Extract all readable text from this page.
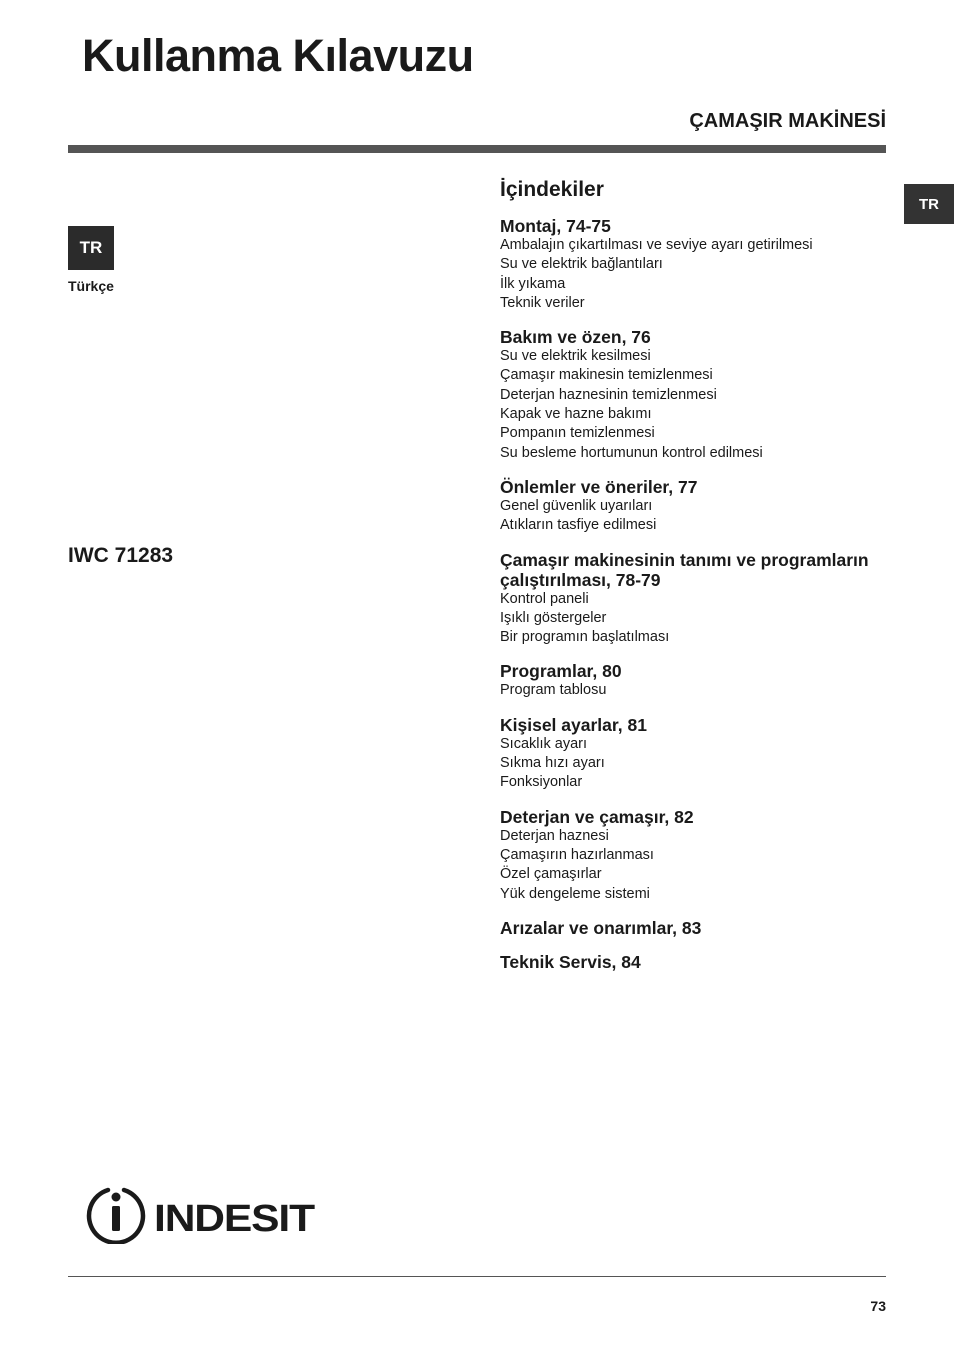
Kullanma Kılavuzu
ÇAMAŞIR MAKİNESİ
TR
Türkçe
TR
IWC 71283
İçindekiler
Montaj, 74-75
Ambalajın çıkartılması ve seviye ayarı getirilmesi
Su ve elektrik bağlantıları
İlk yıkama
Teknik veriler
Bakım ve özen, 76
Su ve elektrik kesilmesi
Çamaşır makinesin temizlenmesi
Deterjan haznesinin temizlenmesi
Kapak ve hazne bakımı
Pompanın temizlenmesi
Su besleme hortumunun kontrol edilmesi
Önlemler ve öneriler, 77
Genel güvenlik uyarıları
Atıkların tasfiye edilmesi
Çamaşır makinesinin tanımı ve programların çalıştırılması, 78-79
Kontrol paneli
Işıklı göstergeler
Bir programın başlatılması
Programlar, 80
Program tablosu
Kişisel ayarlar, 81
Sıcaklık ayarı
Sıkma hızı ayarı
Fonksiyonlar
Deterjan ve çamaşır, 82
Deterjan haznesi
Çamaşırın hazırlanması
Özel çamaşırlar
Yük dengeleme sistemi
Arızalar ve onarımlar, 83
Teknik Servis, 84
INDESIT
73
